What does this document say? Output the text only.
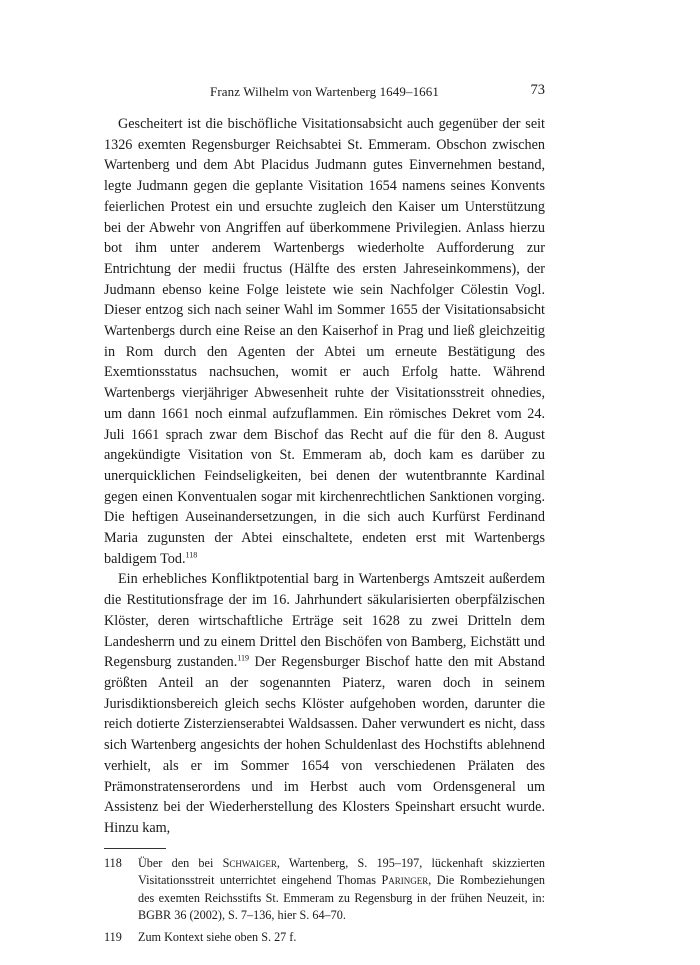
Franz Wilhelm von Wartenberg 1649–1661	73

Gescheitert ist die bischöfliche Visitationsabsicht auch gegenüber der seit 1326 exemten Regensburger Reichsabtei St. Emmeram. Obschon zwischen Wartenberg und dem Abt Placidus Judmann gutes Einvernehmen bestand, legte Judmann gegen die geplante Visitation 1654 namens seines Konvents feierlichen Protest ein und ersuchte zugleich den Kaiser um Unterstützung bei der Abwehr von Angriffen auf überkommene Privilegien. Anlass hierzu bot ihm unter anderem Wartenbergs wiederholte Aufforderung zur Entrichtung der medii fructus (Hälfte des ersten Jahreseinkommens), der Judmann ebenso keine Folge leistete wie sein Nachfolger Cölestin Vogl. Dieser entzog sich nach seiner Wahl im Sommer 1655 der Visitationsabsicht Wartenbergs durch eine Reise an den Kaiserhof in Prag und ließ gleichzeitig in Rom durch den Agenten der Abtei um erneute Bestätigung des Exemtionsstatus nachsuchen, womit er auch Erfolg hatte. Während Wartenbergs vierjähriger Abwesenheit ruhte der Visitationsstreit ohnedies, um dann 1661 noch einmal aufzuflammen. Ein römisches Dekret vom 24. Juli 1661 sprach zwar dem Bischof das Recht auf die für den 8. August angekündigte Visitation von St. Emmeram ab, doch kam es darüber zu unerquicklichen Feindseligkeiten, bei denen der wutentbrannte Kardinal gegen einen Konventualen sogar mit kirchenrechtlichen Sanktionen vorging. Die heftigen Auseinandersetzungen, in die sich auch Kurfürst Ferdinand Maria zugunsten der Abtei einschaltete, endeten erst mit Wartenbergs baldigem Tod.$^{118}$

Ein erhebliches Konfliktpotential barg in Wartenbergs Amtszeit außerdem die Restitutionsfrage der im 16. Jahrhundert säkularisierten oberpfälzischen Klöster, deren wirtschaftliche Erträge seit 1628 zu zwei Dritteln dem Landesherrn und zu einem Drittel den Bischöfen von Bamberg, Eichstätt und Regensburg zustanden.$^{119}$ Der Regensburger Bischof hatte den mit Abstand größten Anteil an der sogenannten Piaterz, waren doch in seinem Jurisdiktionsbereich gleich sechs Klöster aufgehoben worden, darunter die reich dotierte Zisterzienserabtei Waldsassen. Daher verwundert es nicht, dass sich Wartenberg angesichts der hohen Schuldenlast des Hochstifts ablehnend verhielt, als er im Sommer 1654 von verschiedenen Prälaten des Prämonstratenserordens und im Herbst auch vom Ordensgeneral um Assistenz bei der Wiederherstellung des Klosters Speinshart ersucht wurde. Hinzu kam,

118	Über den bei Schwaiger, Wartenberg, S. 195–197, lückenhaft skizzierten Visitationsstreit unterrichtet eingehend Thomas Paringer, Die Rombeziehungen des exemten Reichsstifts St. Emmeram zu Regensburg in der frühen Neuzeit, in: BGBR 36 (2002), S. 7–136, hier S. 64–70.
119	Zum Kontext siehe oben S. 27 f.
